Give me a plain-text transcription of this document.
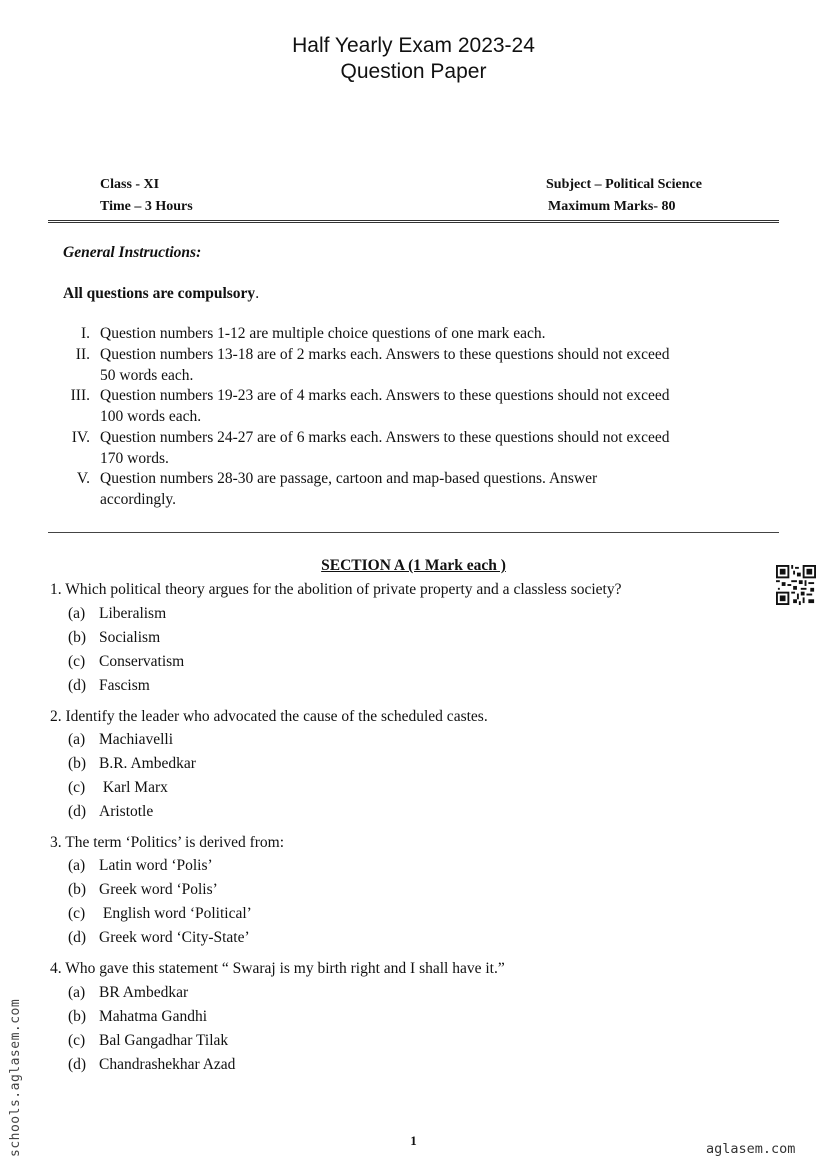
Half Yearly Exam 2023-24
Question Paper
Class - XI
Time – 3 Hours
Subject – Political Science
Maximum Marks- 80
General Instructions:
All questions are compulsory.
I. Question numbers 1-12 are multiple choice questions of one mark each.
II. Question numbers 13-18 are of 2 marks each. Answers to these questions should not exceed
50 words each.
III. Question numbers 19-23 are of 4 marks each. Answers to these questions should not exceed
100 words each.
IV. Question numbers 24-27 are of 6 marks each. Answers to these questions should not exceed
170 words.
V. Question numbers 28-30 are passage, cartoon and map-based questions. Answer
accordingly.
SECTION A (1 Mark each )
1. Which political theory argues for the abolition of private property and a classless society?
(a) Liberalism
(b) Socialism
(c) Conservatism
(d) Fascism
2. Identify the leader who advocated the cause of the scheduled castes.
(a) Machiavelli
(b) B.R. Ambedkar
(c) Karl Marx
(d) Aristotle
3. The term ‘Politics’ is derived from:
(a) Latin word ‘Polis’
(b) Greek word ‘Polis’
(c) English word ‘Political’
(d) Greek word ‘City-State’
4. Who gave this statement “ Swaraj is my birth right and I shall have it.”
(a) BR Ambedkar
(b) Mahatma Gandhi
(c) Bal Gangadhar Tilak
(d) Chandrashekhar Azad
schools.aglasem.com	1
aglasem.com
